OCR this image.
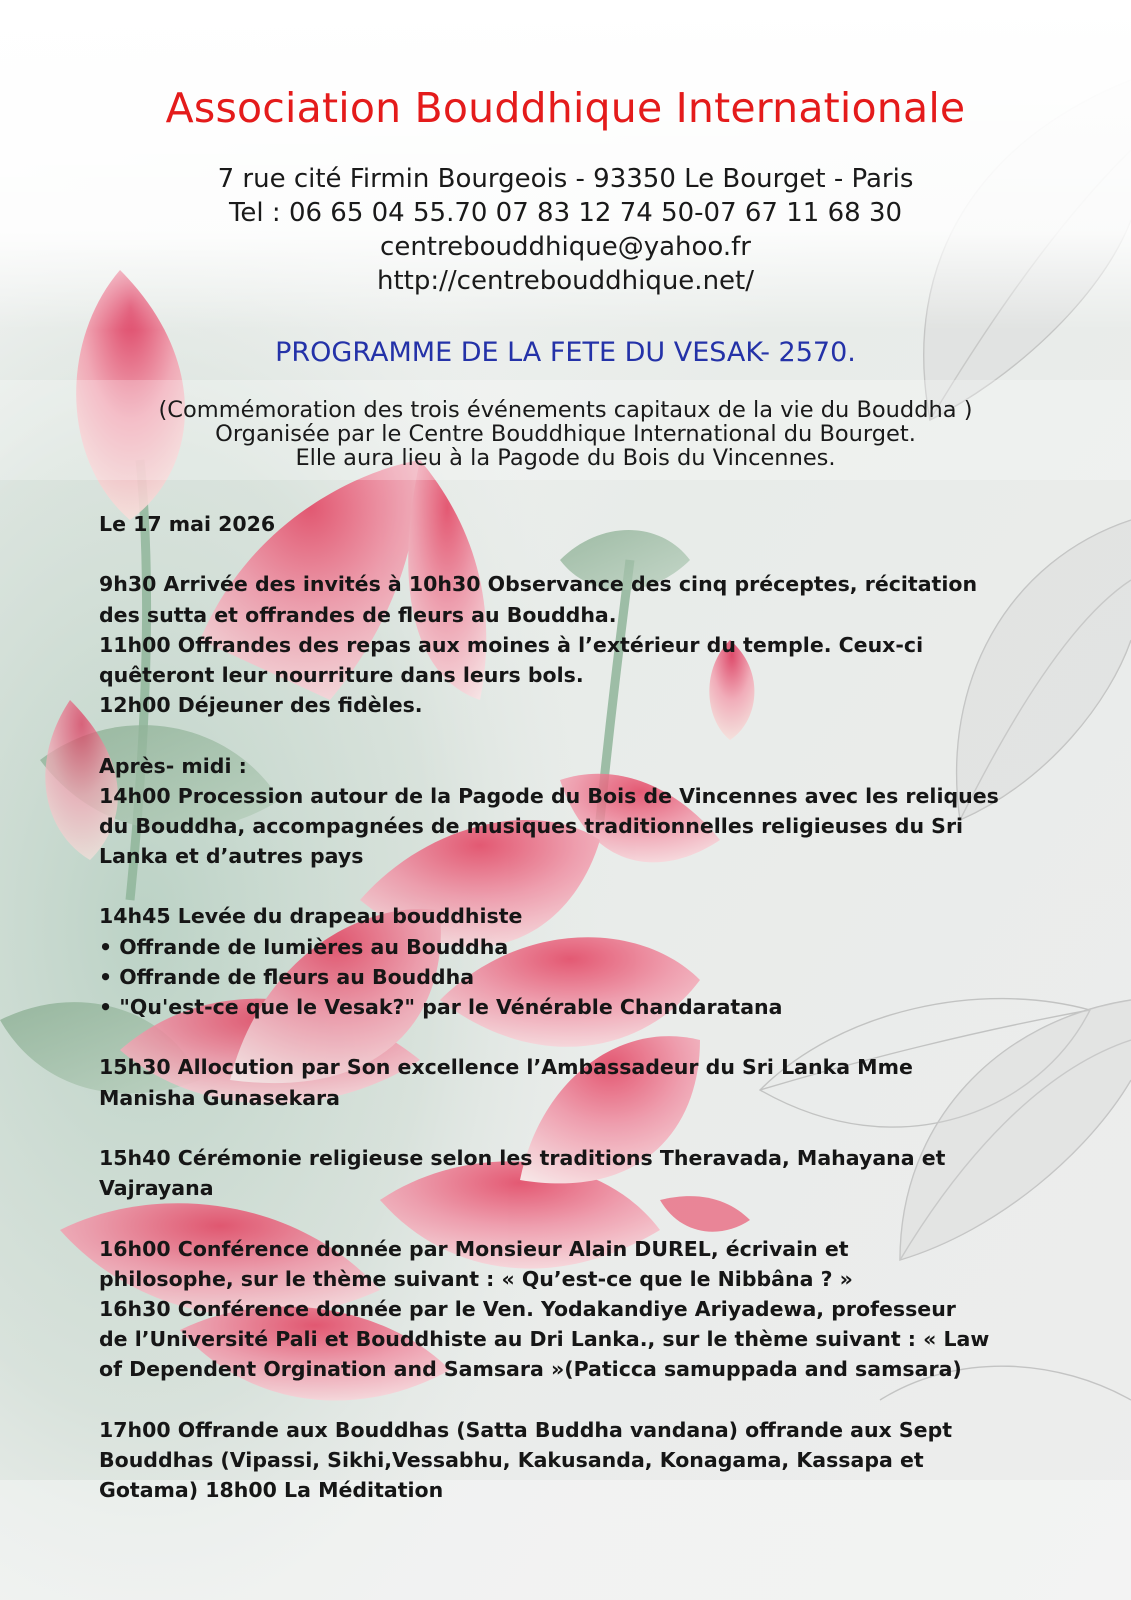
Association Bouddhique Internationale
7 rue cité Firmin Bourgeois - 93350 Le Bourget - Paris
Tel : 06 65 04 55.70 07 83 12 74 50-07 67 11 68 30
centrebouddhique@yahoo.fr
http://centrebouddhique.net/
PROGRAMME DE LA FETE DU VESAK- 2570.
(Commémoration des trois événements capitaux de la vie du Bouddha )
Organisée par le Centre Bouddhique International du Bourget.
Elle aura lieu à la Pagode du Bois du Vincennes.
Le 17 mai 2026
9h30 Arrivée des invités à 10h30 Observance des cinq préceptes, récitation
des sutta et offrandes de fleurs au Bouddha.
11h00 Offrandes des repas aux moines à l’extérieur du temple. Ceux-ci
quêteront leur nourriture dans leurs bols.
12h00 Déjeuner des fidèles.
Après- midi :
14h00 Procession autour de la Pagode du Bois de Vincennes avec les reliques
du Bouddha, accompagnées de musiques traditionnelles religieuses du Sri
Lanka et d’autres pays
14h45 Levée du drapeau bouddhiste
• Offrande de lumières au Bouddha
• Offrande de fleurs au Bouddha
• "Qu'est-ce que le Vesak?" par le Vénérable Chandaratana
15h30 Allocution par Son excellence l’Ambassadeur du Sri Lanka Mme
Manisha Gunasekara
15h40 Cérémonie religieuse selon les traditions Theravada, Mahayana et
Vajrayana
16h00 Conférence donnée par Monsieur Alain DUREL, écrivain et
philosophe, sur le thème suivant : « Qu’est-ce que le Nibbâna ? »
16h30 Conférence donnée par le Ven. Yodakandiye Ariyadewa, professeur
de l’Université Pali et Bouddhiste au Dri Lanka., sur le thème suivant : « Law
of Dependent Orgination and Samsara »(Paticca samuppada and samsara)
17h00 Offrande aux Bouddhas (Satta Buddha vandana) offrande aux Sept
Bouddhas (Vipassi, Sikhi,Vessabhu, Kakusanda, Konagama, Kassapa et
Gotama) 18h00 La Méditation
